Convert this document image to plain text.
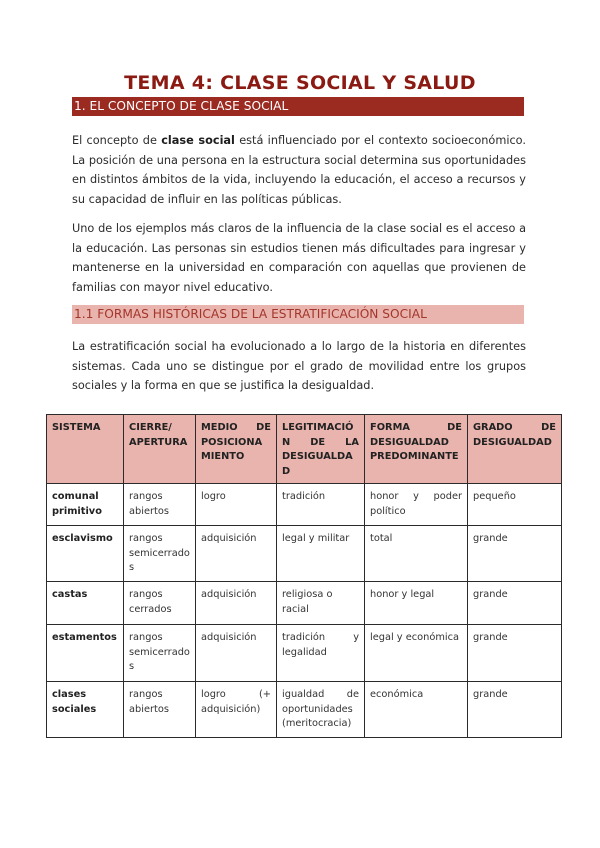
TEMA 4: CLASE SOCIAL Y SALUD
1. EL CONCEPTO DE CLASE SOCIAL

El concepto de clase social está influenciado por el contexto socioeconómico. La posición de una persona en la estructura social determina sus oportunidades en distintos ámbitos de la vida, incluyendo la educación, el acceso a recursos y su capacidad de influir en las políticas públicas.

Uno de los ejemplos más claros de la influencia de la clase social es el acceso a la educación. Las personas sin estudios tienen más dificultades para ingresar y mantenerse en la universidad en comparación con aquellas que provienen de familias con mayor nivel educativo.

1.1 FORMAS HISTÓRICAS DE LA ESTRATIFICACIÓN SOCIAL

La estratificación social ha evolucionado a lo largo de la historia en diferentes sistemas. Cada uno se distingue por el grado de movilidad entre los grupos sociales y la forma en que se justifica la desigualdad.

SISTEMA	CIERRE/ APERTURA	MEDIO DE POSICIONA MIENTO	LEGITIMACIÓN DE LA DESIGUALDAD	FORMA DE DESIGUALDAD PREDOMINANTE	GRADO DE DESIGUALDAD
comunal primitivo	rangos abiertos	logro	tradición	honor y poder político	pequeño
esclavismo	rangos semicerrados	adquisición	legal y militar	total	grande
castas	rangos cerrados	adquisición	religiosa o racial	honor y legal	grande
estamentos	rangos semicerrados	adquisición	tradición y legalidad	legal y económica	grande
clases sociales	rangos abiertos	logro (+ adquisición)	igualdad de oportunidades (meritocracia)	económica	grande
